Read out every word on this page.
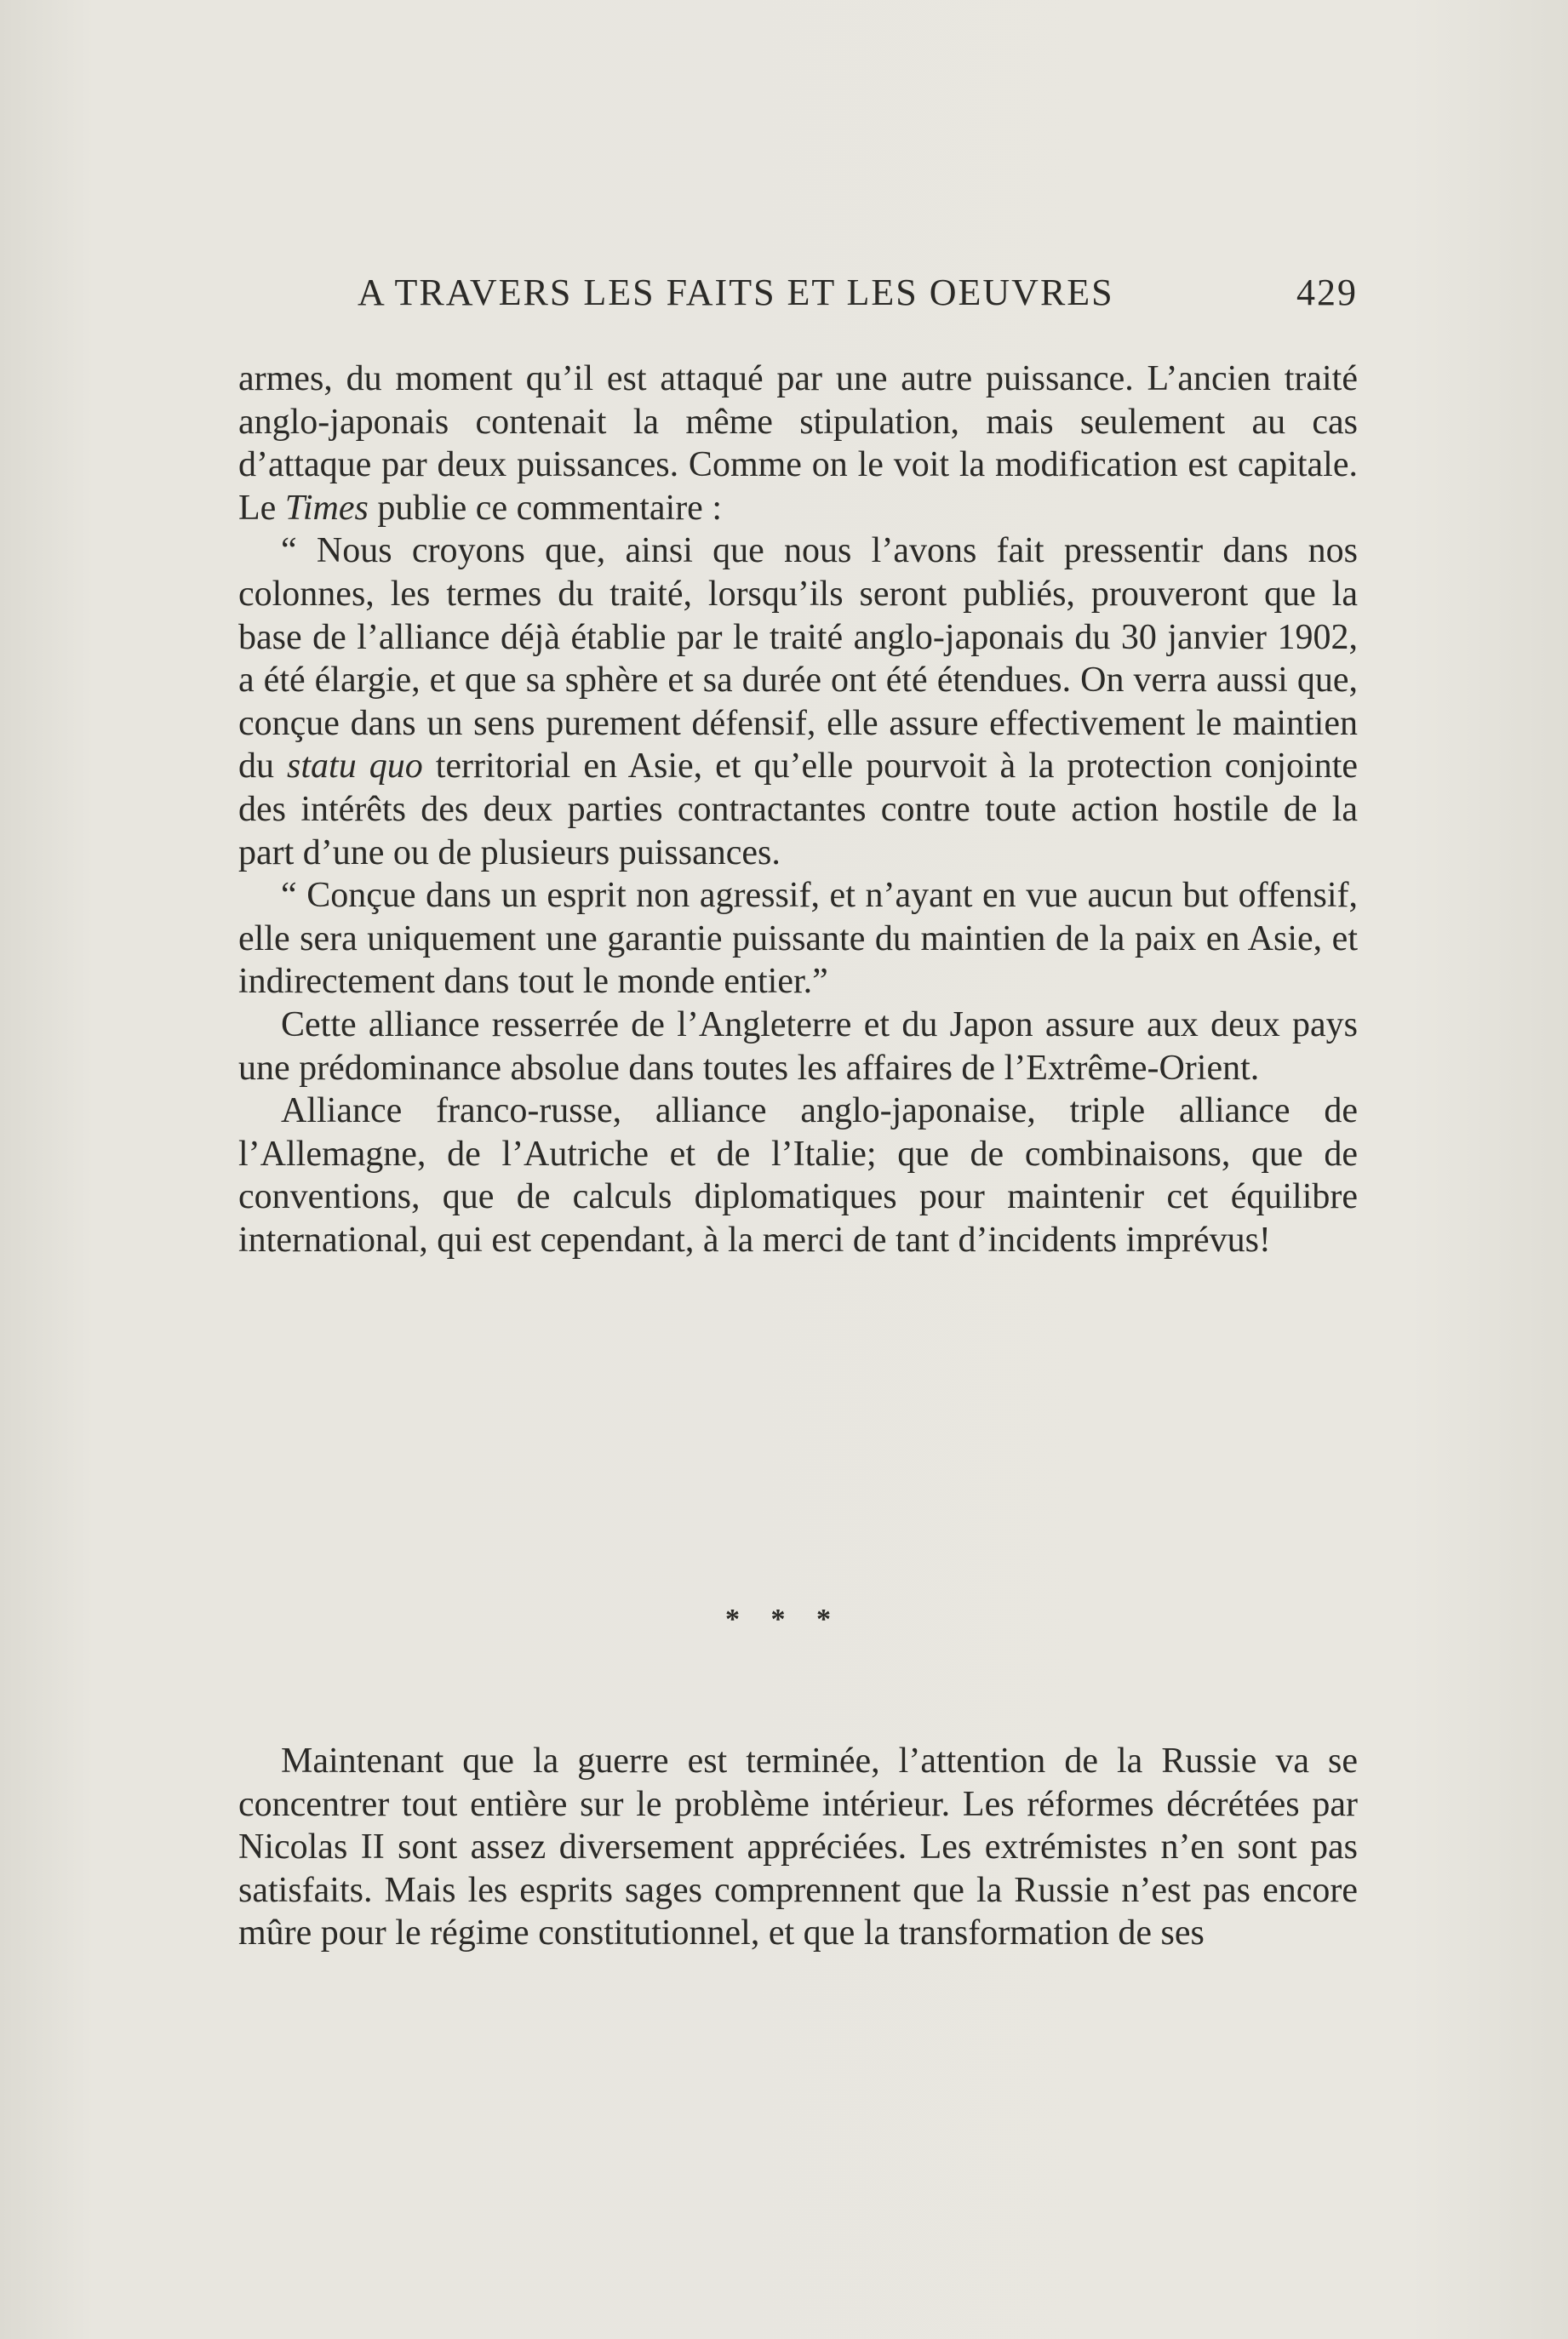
A TRAVERS LES FAITS ET LES OEUVRES	429

armes, du moment qu’il est attaqué par une autre puissance. L’ancien traité anglo-japonais contenait la même stipulation, mais seulement au cas d’attaque par deux puissances. Comme on le voit la modification est capitale. Le Times publie ce commentaire :

“ Nous croyons que, ainsi que nous l’avons fait pressentir dans nos colonnes, les termes du traité, lorsqu’ils seront publiés, prouveront que la base de l’alliance déjà établie par le traité anglo-japonais du 30 janvier 1902, a été élargie, et que sa sphère et sa durée ont été étendues. On verra aussi que, conçue dans un sens purement défensif, elle assure effectivement le maintien du statu quo territorial en Asie, et qu’elle pourvoit à la protection conjointe des intérêts des deux parties contractantes contre toute action hostile de la part d’une ou de plusieurs puissances.

“ Conçue dans un esprit non agressif, et n’ayant en vue aucun but offensif, elle sera uniquement une garantie puissante du maintien de la paix en Asie, et indirectement dans tout le monde entier.”

Cette alliance resserrée de l’Angleterre et du Japon assure aux deux pays une prédominance absolue dans toutes les affaires de l’Extrême-Orient.

Alliance franco-russe, alliance anglo-japonaise, triple alliance de l’Allemagne, de l’Autriche et de l’Italie; que de combinaisons, que de conventions, que de calculs diplomatiques pour maintenir cet équilibre international, qui est cependant, à la merci de tant d’incidents imprévus!

* * *

Maintenant que la guerre est terminée, l’attention de la Russie va se concentrer tout entière sur le problème intérieur. Les réformes décrétées par Nicolas II sont assez diversement appréciées. Les extrémistes n’en sont pas satisfaits. Mais les esprits sages comprennent que la Russie n’est pas encore mûre pour le régime constitutionnel, et que la transformation de ses
